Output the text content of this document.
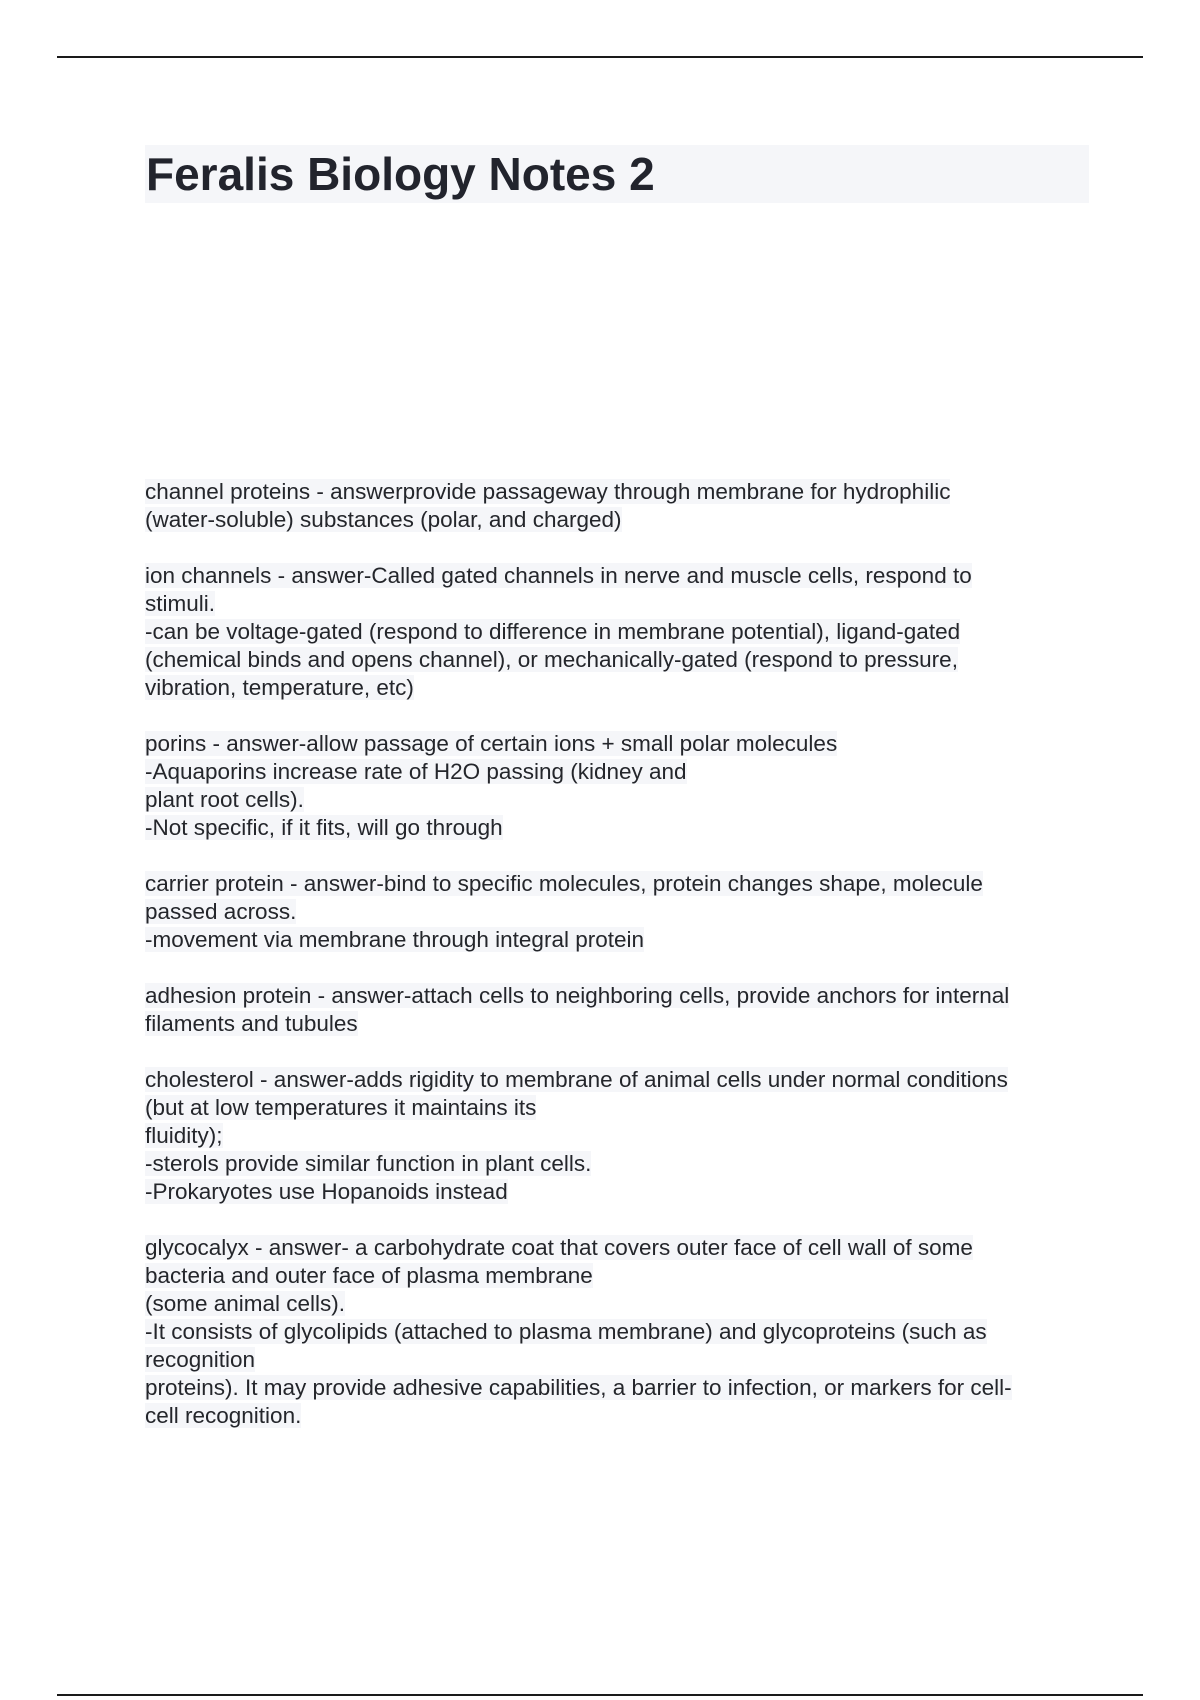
Feralis Biology Notes 2
channel proteins - answerprovide passageway through membrane for hydrophilic
(water-soluble) substances (polar, and charged)
ion channels - answer-Called gated channels in nerve and muscle cells, respond to
stimuli.
-can be voltage-gated (respond to difference in membrane potential), ligand-gated
(chemical binds and opens channel), or mechanically-gated (respond to pressure,
vibration, temperature, etc)
porins - answer-allow passage of certain ions + small polar molecules
-Aquaporins increase rate of H2O passing (kidney and
plant root cells).
-Not specific, if it fits, will go through
carrier protein - answer-bind to specific molecules, protein changes shape, molecule
passed across.
-movement via membrane through integral protein
adhesion protein - answer-attach cells to neighboring cells, provide anchors for internal
filaments and tubules
cholesterol - answer-adds rigidity to membrane of animal cells under normal conditions
(but at low temperatures it maintains its
fluidity);
-sterols provide similar function in plant cells.
-Prokaryotes use Hopanoids instead
glycocalyx - answer- a carbohydrate coat that covers outer face of cell wall of some
bacteria and outer face of plasma membrane
(some animal cells).
-It consists of glycolipids (attached to plasma membrane) and glycoproteins (such as
recognition
proteins). It may provide adhesive capabilities, a barrier to infection, or markers for cell-
cell recognition.
